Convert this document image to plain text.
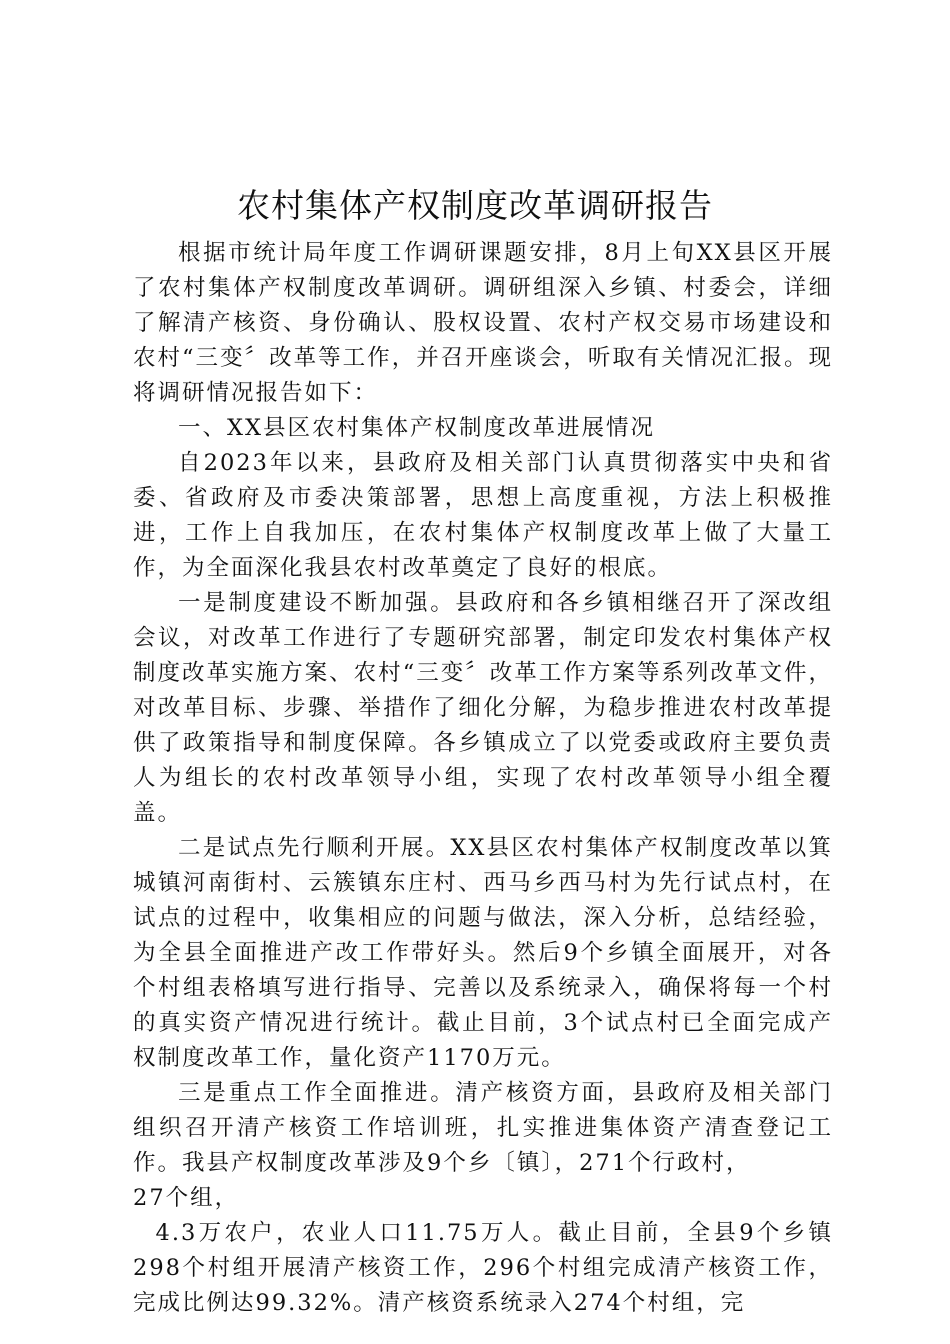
农村集体产权制度改革调研报告

根据市统计局年度工作调研课题安排，8月上旬XX县区开展了农村集体产权制度改革调研。调研组深入乡镇、村委会，详细了解清产核资、身份确认、股权设置、农村产权交易市场建设和农村“三变〞改革等工作，并召开座谈会，听取有关情况汇报。现将调研情况报告如下：

一、XX县区农村集体产权制度改革进展情况

自2023年以来，县政府及相关部门认真贯彻落实中央和省委、省政府及市委决策部署，思想上高度重视，方法上积极推进，工作上自我加压，在农村集体产权制度改革上做了大量工作，为全面深化我县农村改革奠定了良好的根底。

一是制度建设不断加强。县政府和各乡镇相继召开了深改组会议，对改革工作进行了专题研究部署，制定印发农村集体产权制度改革实施方案、农村“三变〞改革工作方案等系列改革文件，对改革目标、步骤、举措作了细化分解，为稳步推进农村改革提供了政策指导和制度保障。各乡镇成立了以党委或政府主要负责人为组长的农村改革领导小组，实现了农村改革领导小组全覆盖。

二是试点先行顺利开展。XX县区农村集体产权制度改革以箕城镇河南街村、云簇镇东庄村、西马乡西马村为先行试点村，在试点的过程中，收集相应的问题与做法，深入分析，总结经验，为全县全面推进产改工作带好头。然后9个乡镇全面展开，对各个村组表格填写进行指导、完善以及系统录入，确保将每一个村的真实资产情况进行统计。截止目前，3个试点村已全面完成产权制度改革工作，量化资产1170万元。

三是重点工作全面推进。清产核资方面，县政府及相关部门组织召开清产核资工作培训班，扎实推进集体资产清查登记工作。我县产权制度改革涉及9个乡〔镇〕，271个行政村，

27个组，

4.3万农户，农业人口11.75万人。截止目前，全县9个乡镇298个村组开展清产核资工作，296个村组完成清产核资工作，完成比例达99.32%。清产核资系统录入274个村组，完
